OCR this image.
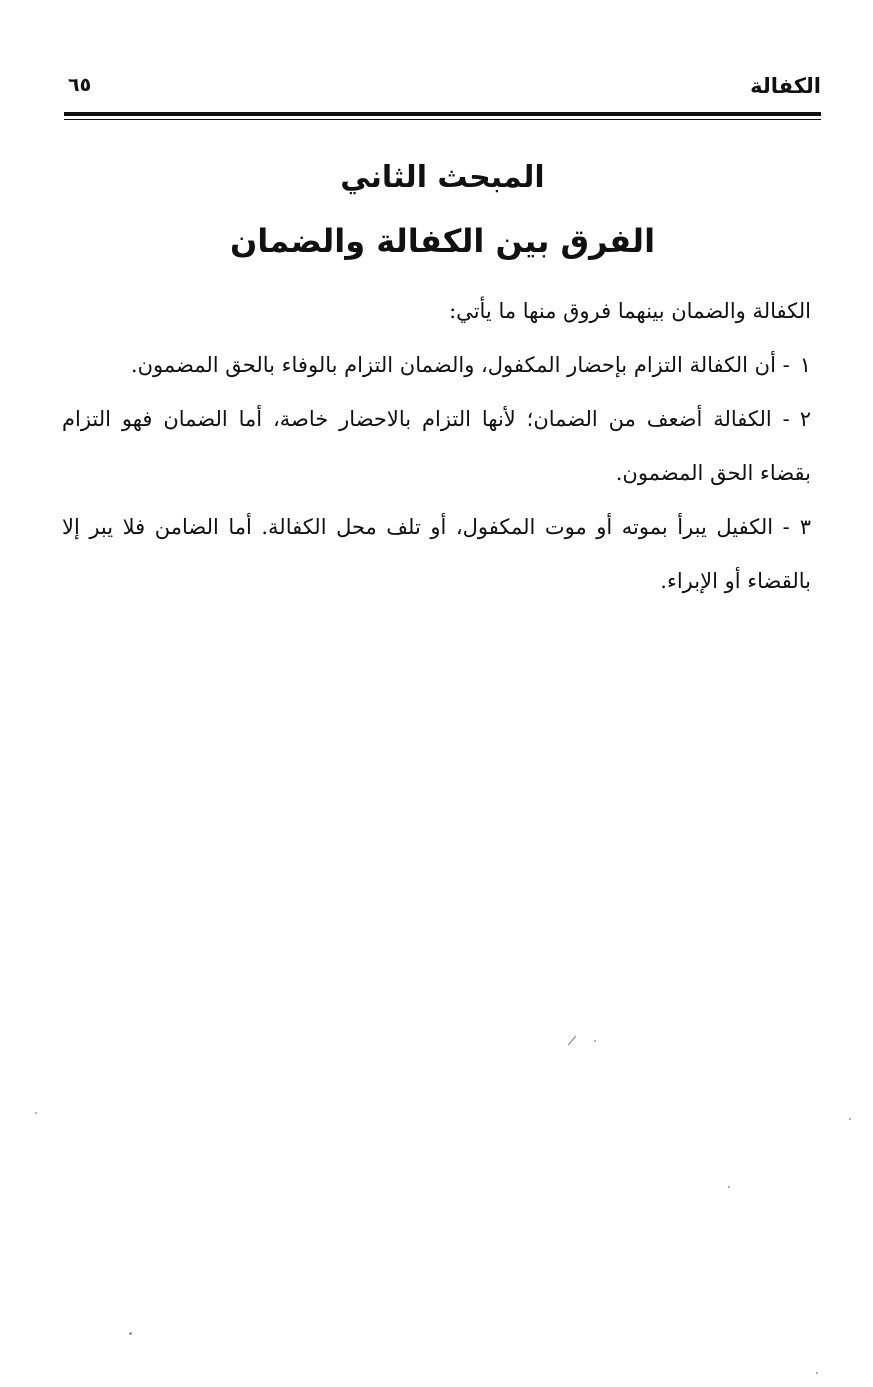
الكفالة
٦٥
المبحث الثاني
الفرق بين الكفالة والضمان

الكفالة والضمان بينهما فروق منها ما يأتي:

١- أن الكفالة التزام بإحضار المكفول، والضمان التزام بالوفاء بالحق المضمون.

٢- الكفالة أضعف من الضمان؛ لأنها التزام بالاحضار خاصة، أما الضمان فهو التزام بقضاء الحق المضمون.

٣- الكفيل يبرأ بموته أو موت المكفول، أو تلف محل الكفالة. أما الضامن فلا يبر إلا بالقضاء أو الإبراء.
